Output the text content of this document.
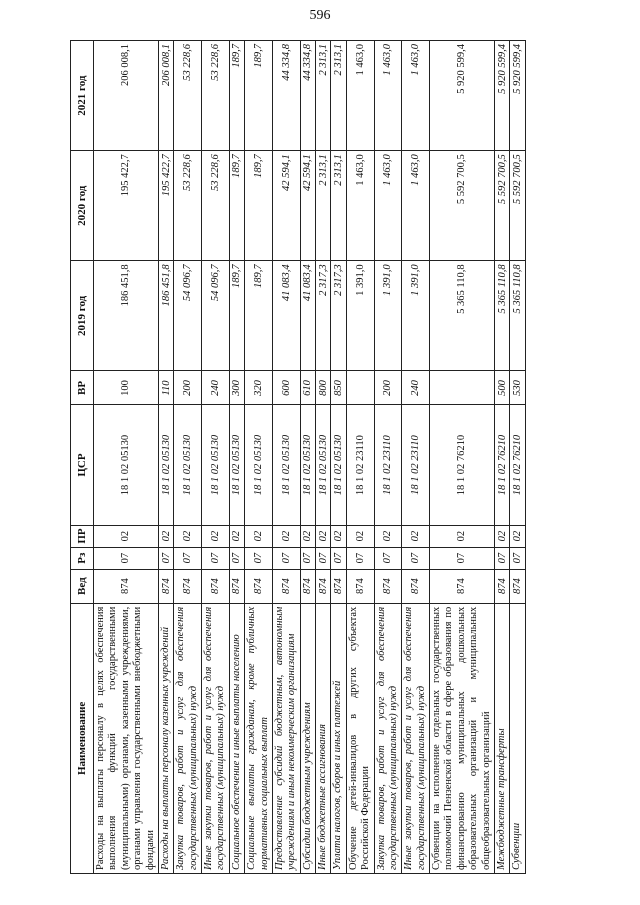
596
Наименование	Вед	Рз	ПР	ЦСР	ВР	2019 год	2020 год	2021 год
Расходы на выплаты персоналу в целях обеспечения выполнения функций государственными (муниципальными) органами, казенными учреждениями, органами управления государственными внебюджетными фондами	874	07	02	18 1 02 05130	100	186 451,8	195 422,7	206 008,1
Расходы на выплаты персоналу казенных учреждений	874	07	02	18 1 02 05130	110	186 451,8	195 422,7	206 008,1
Закупка товаров, работ и услуг для обеспечения государственных (муниципальных) нужд	874	07	02	18 1 02 05130	200	54 096,7	53 228,6	53 228,6
Иные закупки товаров, работ и услуг для обеспечения государственных (муниципальных) нужд	874	07	02	18 1 02 05130	240	54 096,7	53 228,6	53 228,6
Социальное обеспечение и иные выплаты населению	874	07	02	18 1 02 05130	300	189,7	189,7	189,7
Социальные выплаты гражданам, кроме публичных нормативных социальных выплат	874	07	02	18 1 02 05130	320	189,7	189,7	189,7
Предоставление субсидий бюджетным, автономным учреждениям и иным некоммерческим организациям	874	07	02	18 1 02 05130	600	41 083,4	42 594,1	44 334,8
Субсидии бюджетным учреждениям	874	07	02	18 1 02 05130	610	41 083,4	42 594,1	44 334,8
Иные бюджетные ассигнования	874	07	02	18 1 02 05130	800	2 317,3	2 313,1	2 313,1
Уплата налогов, сборов и иных платежей	874	07	02	18 1 02 05130	850	2 317,3	2 313,1	2 313,1
Обучение детей-инвалидов в других субъектах Российской Федерации	874	07	02	18 1 02 23110		1 391,0	1 463,0	1 463,0
Закупка товаров, работ и услуг для обеспечения государственных (муниципальных) нужд	874	07	02	18 1 02 23110	200	1 391,0	1 463,0	1 463,0
Иные закупки товаров, работ и услуг для обеспечения государственных (муниципальных) нужд	874	07	02	18 1 02 23110	240	1 391,0	1 463,0	1 463,0
Субвенции на исполнение отдельных государственных полномочий Пензенской области в сфере образования по финансированию муниципальных дошкольных образовательных организаций и муниципальных общеобразовательных организаций	874	07	02	18 1 02 76210		5 365 110,8	5 592 700,5	5 920 599,4
Межбюджетные трансферты	874	07	02	18 1 02 76210	500	5 365 110,8	5 592 700,5	5 920 599,4
Субвенции	874	07	02	18 1 02 76210	530	5 365 110,8	5 592 700,5	5 920 599,4
